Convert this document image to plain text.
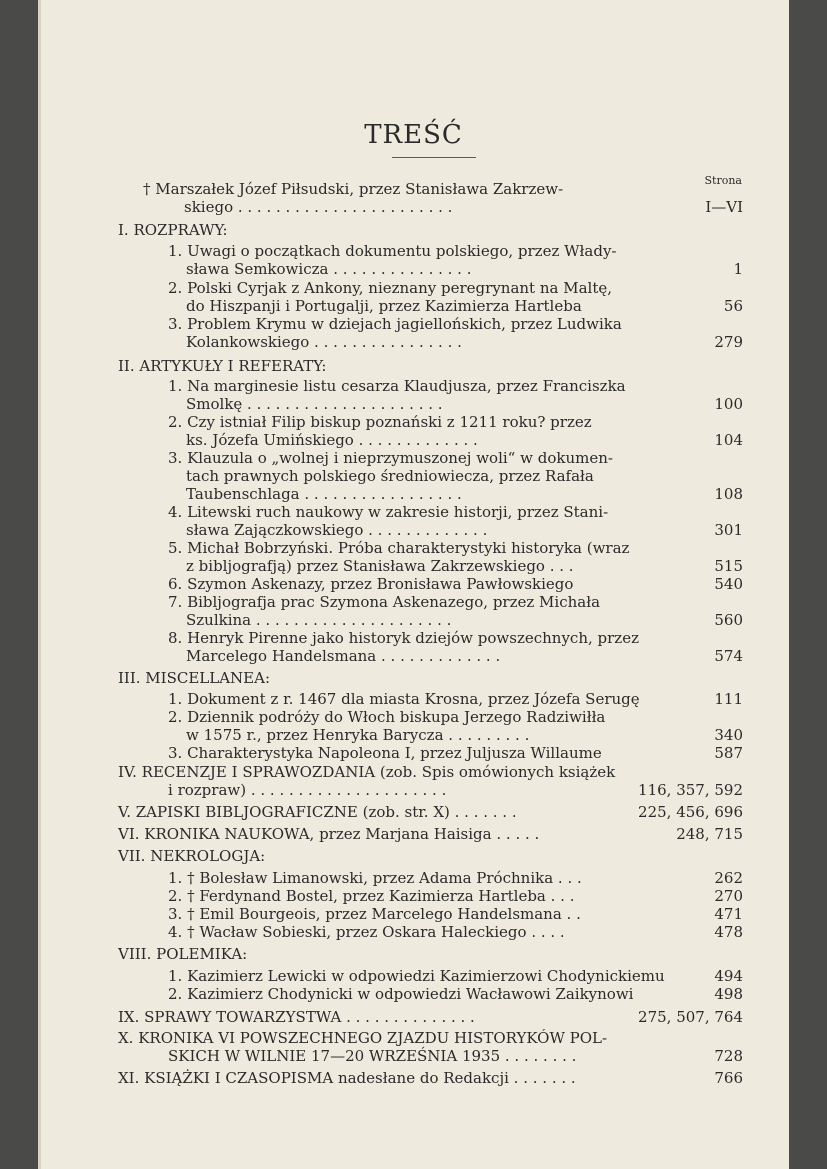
TREŚĆ
Strona
† Marszałek Józef Piłsudski, przez Stanisława Zakrzew-
skiego . . . . . . . . . . . . . . . . . . . . . . .	I—VI
I. ROZPRAWY:
1. Uwagi o początkach dokumentu polskiego, przez Włady-
sława Semkowicza . . . . . . . . . . . . . . .	1
2. Polski Cyrjak z Ankony, nieznany peregrynant na Maltę,
do Hiszpanji i Portugalji, przez Kazimierza Hartleba	56
3. Problem Krymu w dziejach jagiellońskich, przez Ludwika
Kolankowskiego . . . . . . . . . . . . . . . .	279
II. ARTYKUŁY I REFERATY:
1. Na marginesie listu cesarza Klaudjusza, przez Franciszka
Smolkę . . . . . . . . . . . . . . . . . . . . .	100
2. Czy istniał Filip biskup poznański z 1211 roku? przez
ks. Józefa Umińskiego . . . . . . . . . . . . .	104
3. Klauzula o „wolnej i nieprzymuszonej woli“ w dokumen-
tach prawnych polskiego średniowiecza, przez Rafała
Taubenschlaga . . . . . . . . . . . . . . . . .	108
4. Litewski ruch naukowy w zakresie historji, przez Stani-
sława Zajączkowskiego . . . . . . . . . . . . .	301
5. Michał Bobrzyński. Próba charakterystyki historyka (wraz
z bibljografją) przez Stanisława Zakrzewskiego . . .	515
6. Szymon Askenazy, przez Bronisława Pawłowskiego	540
7. Bibljografja prac Szymona Askenazego, przez Michała
Szulkina . . . . . . . . . . . . . . . . . . . . .	560
8. Henryk Pirenne jako historyk dziejów powszechnych, przez
Marcelego Handelsmana . . . . . . . . . . . . .	574
III. MISCELLANEA:
1. Dokument z r. 1467 dla miasta Krosna, przez Józefa Serugę	111
2. Dziennik podróży do Włoch biskupa Jerzego Radziwiłła
w 1575 r., przez Henryka Barycza . . . . . . . . .	340
3. Charakterystyka Napoleona I, przez Juljusza Willaume	587
IV. RECENZJE I SPRAWOZDANIA (zob. Spis omówionych książek
i rozpraw) . . . . . . . . . . . . . . . . . . . . .	116, 357, 592
V. ZAPISKI BIBLJOGRAFICZNE (zob. str. X) . . . . . . .	225, 456, 696
VI. KRONIKA NAUKOWA, przez Marjana Haisiga . . . . .	248, 715
VII. NEKROLOGJA:
1. † Bolesław Limanowski, przez Adama Próchnika . . .	262
2. † Ferdynand Bostel, przez Kazimierza Hartleba . . .	270
3. † Emil Bourgeois, przez Marcelego Handelsmana . .	471
4. † Wacław Sobieski, przez Oskara Haleckiego . . . .	478
VIII. POLEMIKA:
1. Kazimierz Lewicki w odpowiedzi Kazimierzowi Chodynickiemu	494
2. Kazimierz Chodynicki w odpowiedzi Wacławowi Zaikynowi	498
IX. SPRAWY TOWARZYSTWA . . . . . . . . . . . . . .	275, 507, 764
X. KRONIKA VI POWSZECHNEGO ZJAZDU HISTORYKÓW POL-
SKICH W WILNIE 17—20 WRZEŚNIA 1935 . . . . . . . .	728
XI. KSIĄŻKI I CZASOPISMA nadesłane do Redakcji . . . . . . .	766
